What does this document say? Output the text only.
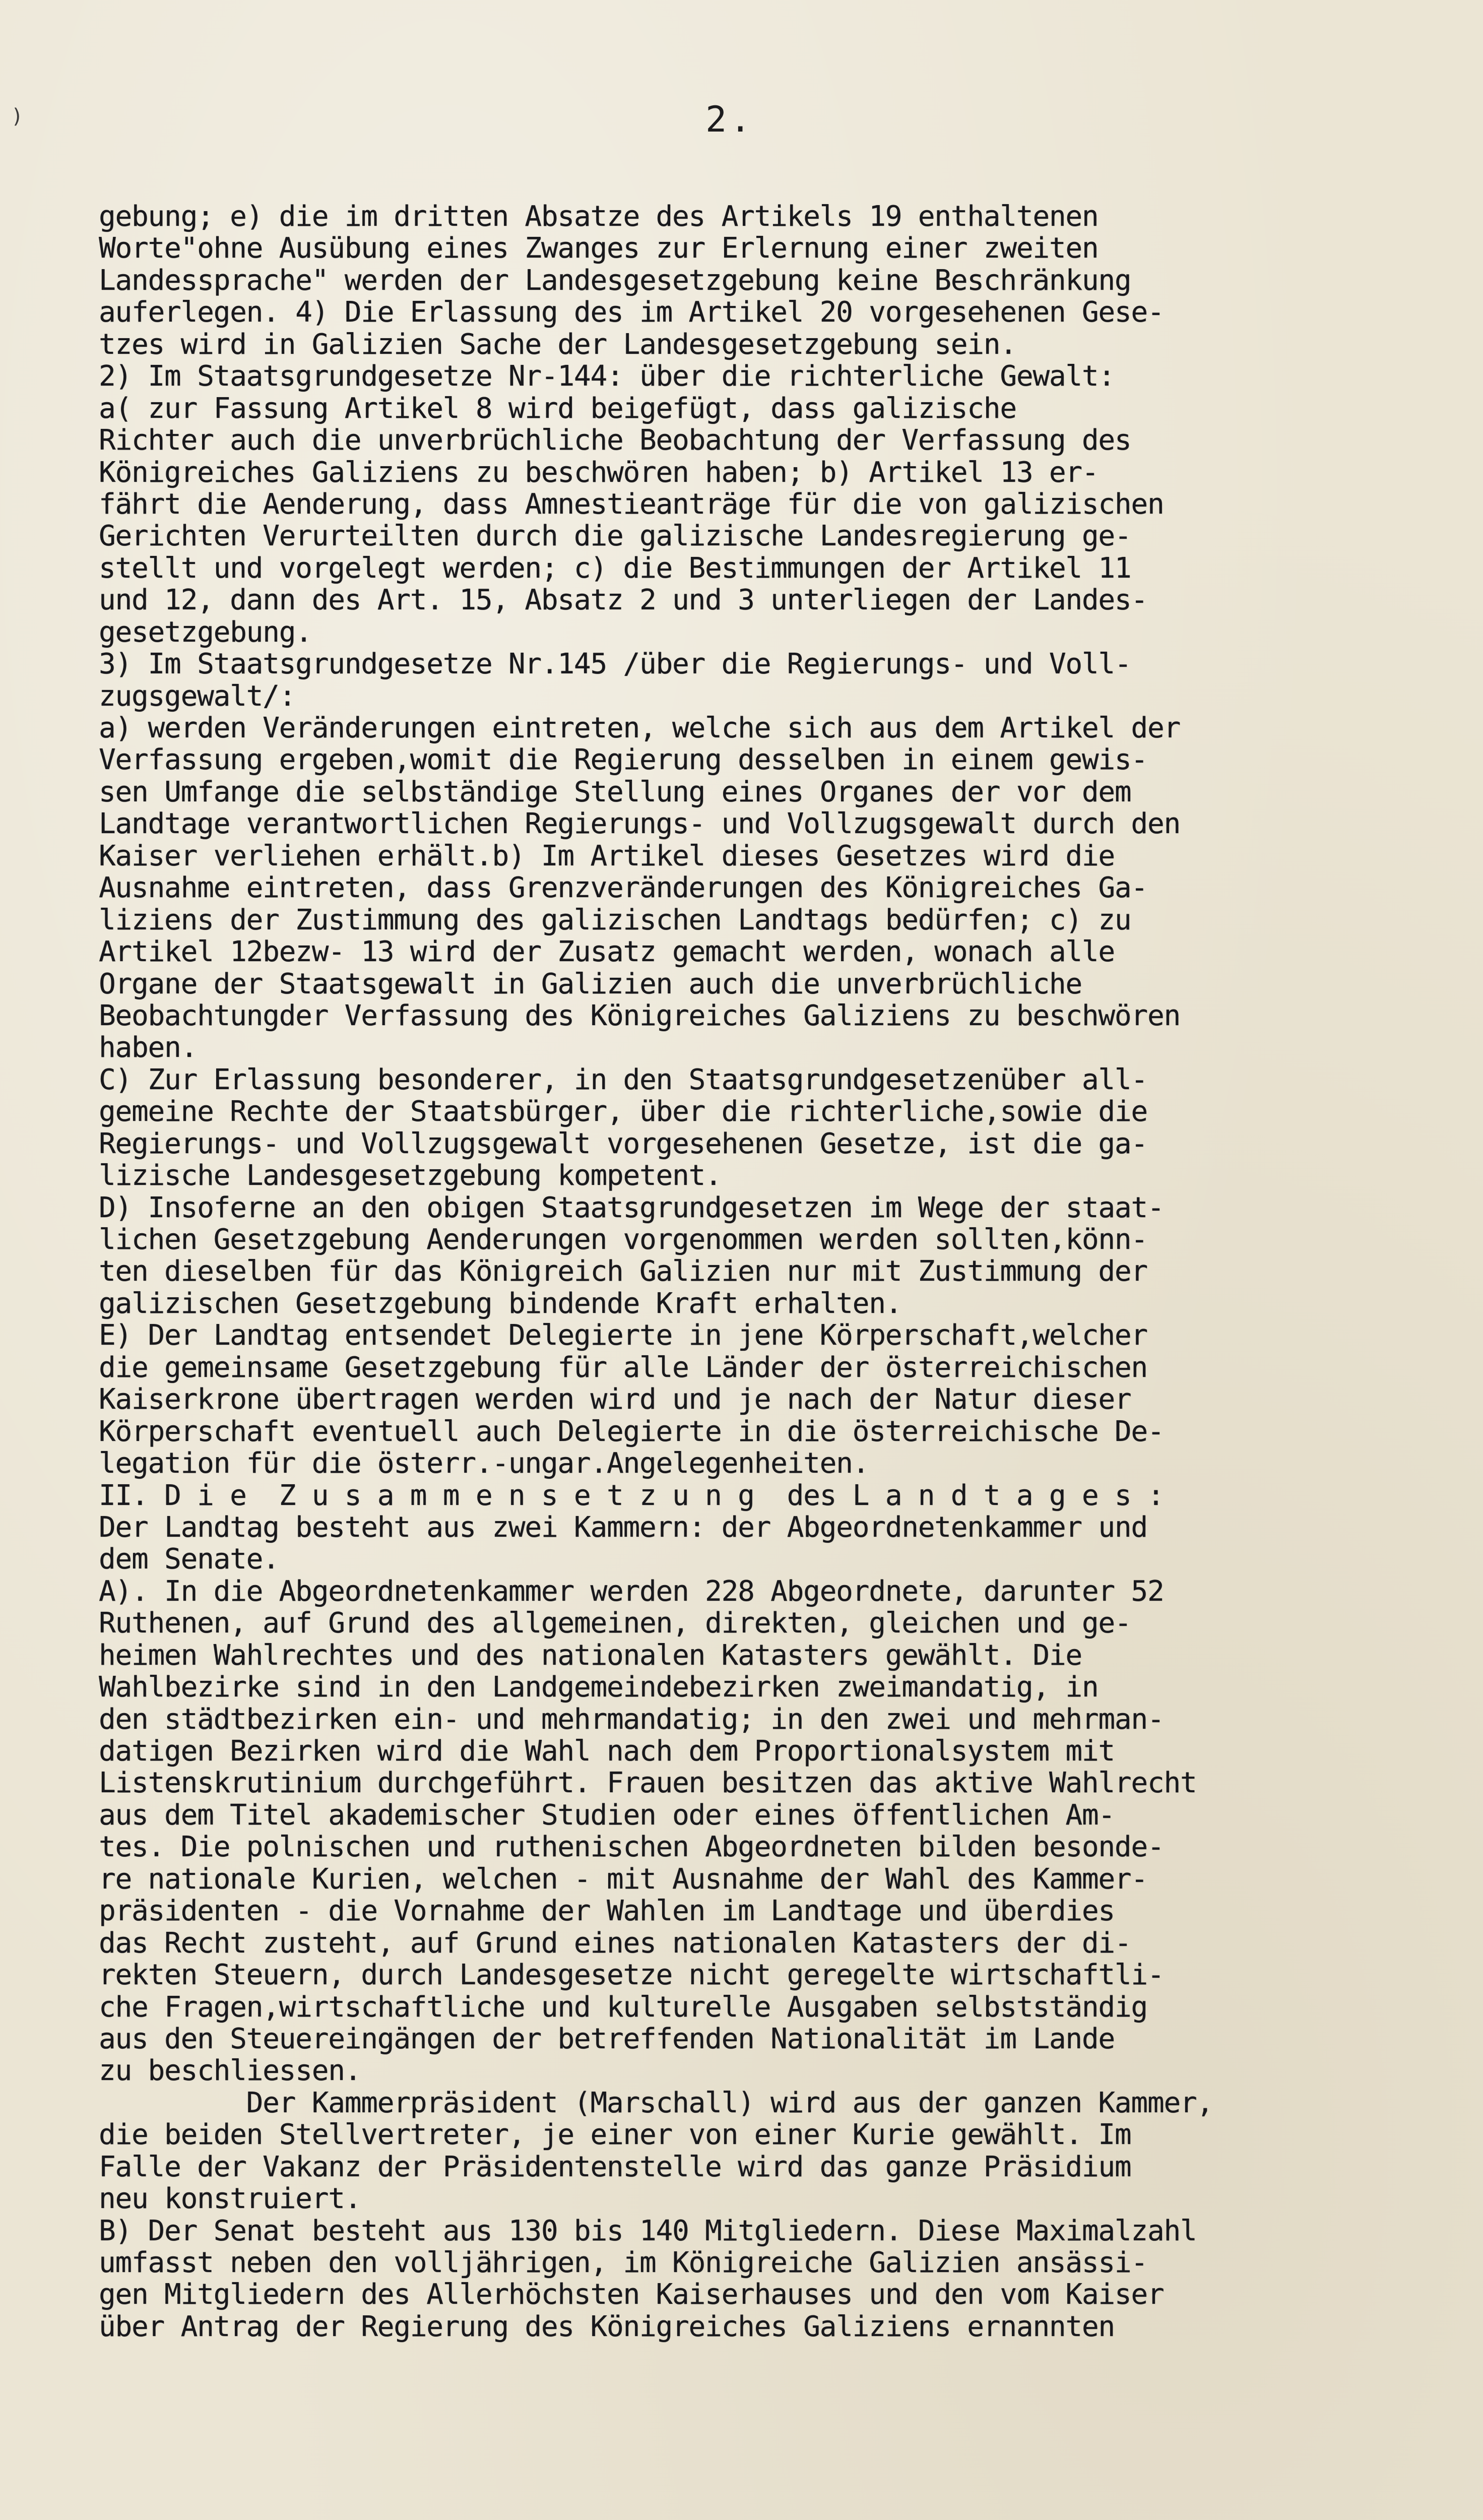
)	2.
gebung; e) die im dritten Absatze des Artikels 19 enthaltenen
Worte"ohne Ausübung eines Zwanges zur Erlernung einer zweiten
Landessprache" werden der Landesgesetzgebung keine Beschränkung
auferlegen. 4) Die Erlassung des im Artikel 20 vorgesehenen Gese-
tzes wird in Galizien Sache der Landesgesetzgebung sein.
2) Im Staatsgrundgesetze Nr-144: über die richterliche Gewalt:
a( zur Fassung Artikel 8 wird beigefügt, dass galizische
Richter auch die unverbrüchliche Beobachtung der Verfassung des
Königreiches Galiziens zu beschwören haben; b) Artikel 13 er-
fährt die Aenderung, dass Amnestieanträge für die von galizischen
Gerichten Verurteilten durch die galizische Landesregierung ge-
stellt und vorgelegt werden; c) die Bestimmungen der Artikel 11
und 12, dann des Art. 15, Absatz 2 und 3 unterliegen der Landes-
gesetzgebung.
3) Im Staatsgrundgesetze Nr.145 /über die Regierungs- und Voll-
zugsgewalt/:
a) werden Veränderungen eintreten, welche sich aus dem Artikel der
Verfassung ergeben,womit die Regierung desselben in einem gewis-
sen Umfange die selbständige Stellung eines Organes der vor dem
Landtage verantwortlichen Regierungs- und Vollzugsgewalt durch den
Kaiser verliehen erhält.b) Im Artikel dieses Gesetzes wird die
Ausnahme eintreten, dass Grenzveränderungen des Königreiches Ga-
liziens der Zustimmung des galizischen Landtags bedürfen; c) zu
Artikel 12bezw- 13 wird der Zusatz gemacht werden, wonach alle
Organe der Staatsgewalt in Galizien auch die unverbrüchliche
Beobachtungder Verfassung des Königreiches Galiziens zu beschwören
haben.
C) Zur Erlassung besonderer, in den Staatsgrundgesetzenüber all-
gemeine Rechte der Staatsbürger, über die richterliche,sowie die
Regierungs- und Vollzugsgewalt vorgesehenen Gesetze, ist die ga-
lizische Landesgesetzgebung kompetent.
D) Insoferne an den obigen Staatsgrundgesetzen im Wege der staat-
lichen Gesetzgebung Aenderungen vorgenommen werden sollten,könn-
ten dieselben für das Königreich Galizien nur mit Zustimmung der
galizischen Gesetzgebung bindende Kraft erhalten.
E) Der Landtag entsendet Delegierte in jene Körperschaft,welcher
die gemeinsame Gesetzgebung für alle Länder der österreichischen
Kaiserkrone übertragen werden wird und je nach der Natur dieser
Körperschaft eventuell auch Delegierte in die österreichische De-
legation für die österr.-ungar.Angelegenheiten.
II. D i e  Z u s a m m e n s e t z u n g  des L a n d t a g e s :
Der Landtag besteht aus zwei Kammern: der Abgeordnetenkammer und
dem Senate.
A). In die Abgeordnetenkammer werden 228 Abgeordnete, darunter 52
Ruthenen, auf Grund des allgemeinen, direkten, gleichen und ge-
heimen Wahlrechtes und des nationalen Katasters gewählt. Die
Wahlbezirke sind in den Landgemeindebezirken zweimandatig, in
den städtbezirken ein- und mehrmandatig; in den zwei und mehrman-
datigen Bezirken wird die Wahl nach dem Proportionalsystem mit
Listenskrutinium durchgeführt. Frauen besitzen das aktive Wahlrecht
aus dem Titel akademischer Studien oder eines öffentlichen Am-
tes. Die polnischen und ruthenischen Abgeordneten bilden besonde-
re nationale Kurien, welchen - mit Ausnahme der Wahl des Kammer-
präsidenten - die Vornahme der Wahlen im Landtage und überdies
das Recht zusteht, auf Grund eines nationalen Katasters der di-
rekten Steuern, durch Landesgesetze nicht geregelte wirtschaftli-
che Fragen,wirtschaftliche und kulturelle Ausgaben selbstständig
aus den Steuereingängen der betreffenden Nationalität im Lande
zu beschliessen.
Der Kammerpräsident (Marschall) wird aus der ganzen Kammer,
die beiden Stellvertreter, je einer von einer Kurie gewählt. Im
Falle der Vakanz der Präsidentenstelle wird das ganze Präsidium
neu konstruiert.
B) Der Senat besteht aus 130 bis 140 Mitgliedern. Diese Maximalzahl
umfasst neben den volljährigen, im Königreiche Galizien ansässi-
gen Mitgliedern des Allerhöchsten Kaiserhauses und den vom Kaiser
über Antrag der Regierung des Königreiches Galiziens ernannten
